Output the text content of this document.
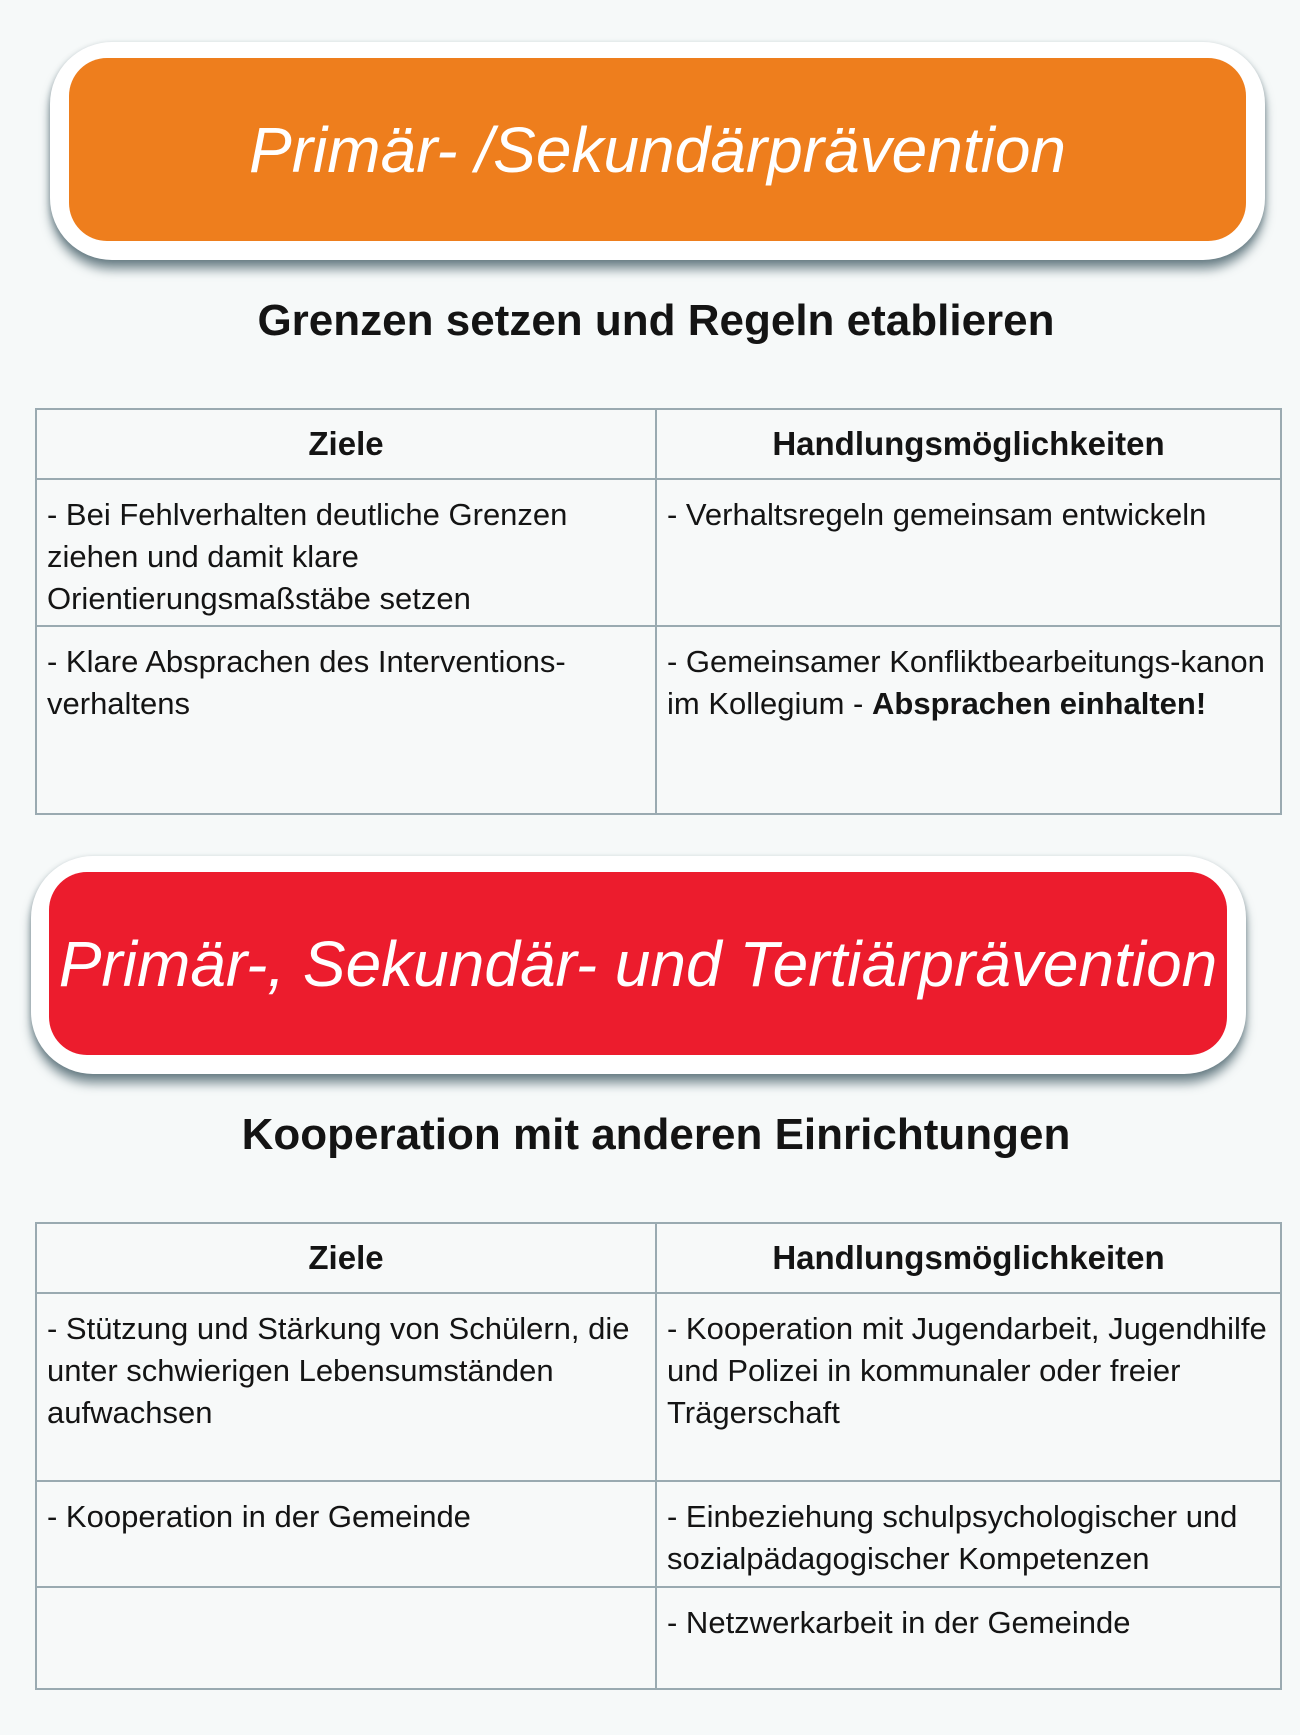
Primär- /Sekundärprävention
Grenzen setzen und Regeln etablieren
Ziele	Handlungsmöglichkeiten
- Bei Fehlverhalten deutliche Grenzen ziehen und damit klare Orientierungsmaßstäbe setzen	- Verhaltsregeln gemeinsam entwickeln
- Klare Absprachen des Interventions-verhaltens	- Gemeinsamer Konfliktbearbeitungs-kanon im Kollegium - Absprachen einhalten!
Primär-, Sekundär- und Tertiärprävention
Kooperation mit anderen Einrichtungen
Ziele	Handlungsmöglichkeiten
- Stützung und Stärkung von Schülern, die unter schwierigen Lebensumständen aufwachsen	- Kooperation mit Jugendarbeit, Jugendhilfe und Polizei in kommunaler oder freier Trägerschaft
- Kooperation in der Gemeinde	- Einbeziehung schulpsychologischer und sozialpädagogischer Kompetenzen
	- Netzwerkarbeit in der Gemeinde
